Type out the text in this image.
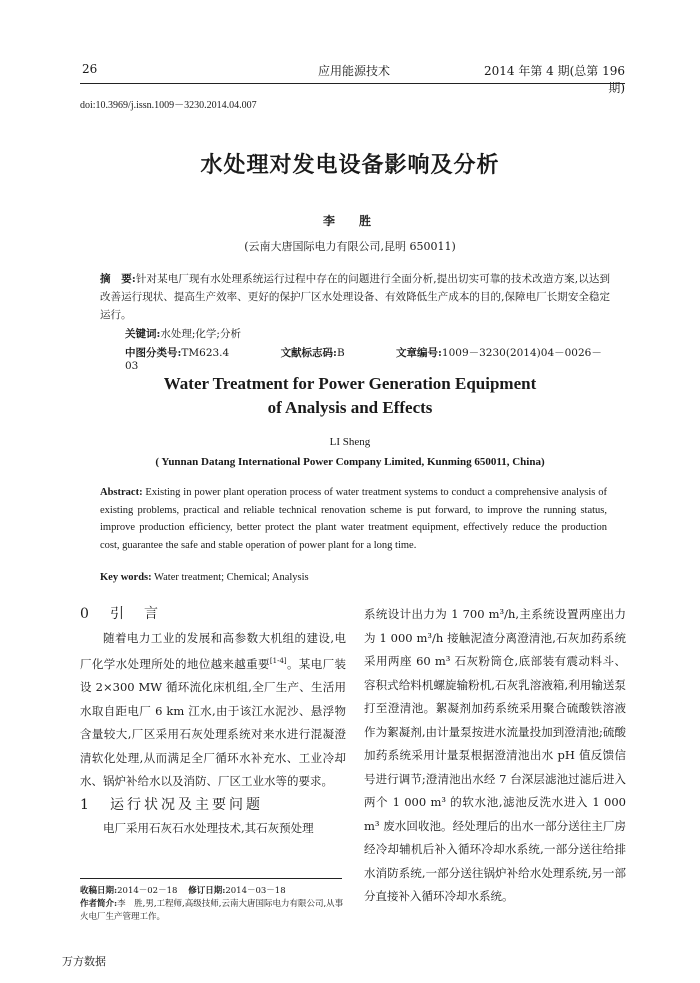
26	应用能源技术	2014 年第 4 期(总第 196 期)
doi:10.3969/j.issn.1009－3230.2014.04.007
水处理对发电设备影响及分析
李　胜
(云南大唐国际电力有限公司,昆明 650011)
摘　要:针对某电厂现有水处理系统运行过程中存在的问题进行全面分析,提出切实可靠的技术改造方案,以达到改善运行现状、提高生产效率、更好的保护厂区水处理设备、有效降低生产成本的目的,保障电厂长期安全稳定运行。
关键词:水处理;化学;分析
中图分类号:TM623.4	文献标志码:B	文章编号:1009－3230(2014)04－0026－03
Water Treatment for Power Generation Equipment
of Analysis and Effects
LI Sheng
( Yunnan Datang International Power Company Limited, Kunming 650011, China)
Abstract: Existing in power plant operation process of water treatment systems to conduct a comprehensive analysis of existing problems, practical and reliable technical renovation scheme is put forward, to improve the running status, improve production efficiency, better protect the plant water treatment equipment, effectively reduce the production cost, guarantee the safe and stable operation of power plant for a long time.
Key words: Water treatment; Chemical; Analysis
0 引　言

随着电力工业的发展和高参数大机组的建设,电厂化学水处理所处的地位越来越重要[1-4]。某电厂装设 2×300 MW 循环流化床机组,全厂生产、生活用水取自距电厂 6 km 江水,由于该江水泥沙、悬浮物含量较大,厂区采用石灰处理系统对来水进行混凝澄清软化处理,从而满足全厂循环水补充水、工业冷却水、锅炉补给水以及消防、厂区工业水等的要求。

1 运行状况及主要问题

电厂采用石灰石水处理技术,其石灰预处理

系统设计出力为 1 700 m³/h,主系统设置两座出力为 1 000 m³/h 接触泥渣分离澄清池,石灰加药系统采用两座 60 m³ 石灰粉筒仓,底部装有震动料斗、容积式给料机螺旋输粉机,石灰乳溶液箱,利用输送泵打至澄清池。絮凝剂加药系统采用聚合硫酸铁溶液作为絮凝剂,由计量泵按进水流量投加到澄清池;硫酸加药系统采用计量泵根据澄清池出水 pH 值反馈信号进行调节;澄清池出水经 7 台深层滤池过滤后进入两个 1 000 m³ 的软水池,滤池反洗水进入 1 000 m³ 废水回收池。经处理后的出水一部分送往主厂房经冷却辅机后补入循环冷却水系统,一部分送往给排水消防系统,一部分送往锅炉补给水处理系统,另一部分直接补入循环冷却水系统。

收稿日期:2014－02－18 修订日期:2014－03－18
作者简介:李　胜,男,工程师,高级技师,云南大唐国际电力有限公司,从事火电厂生产管理工作。
万方数据
